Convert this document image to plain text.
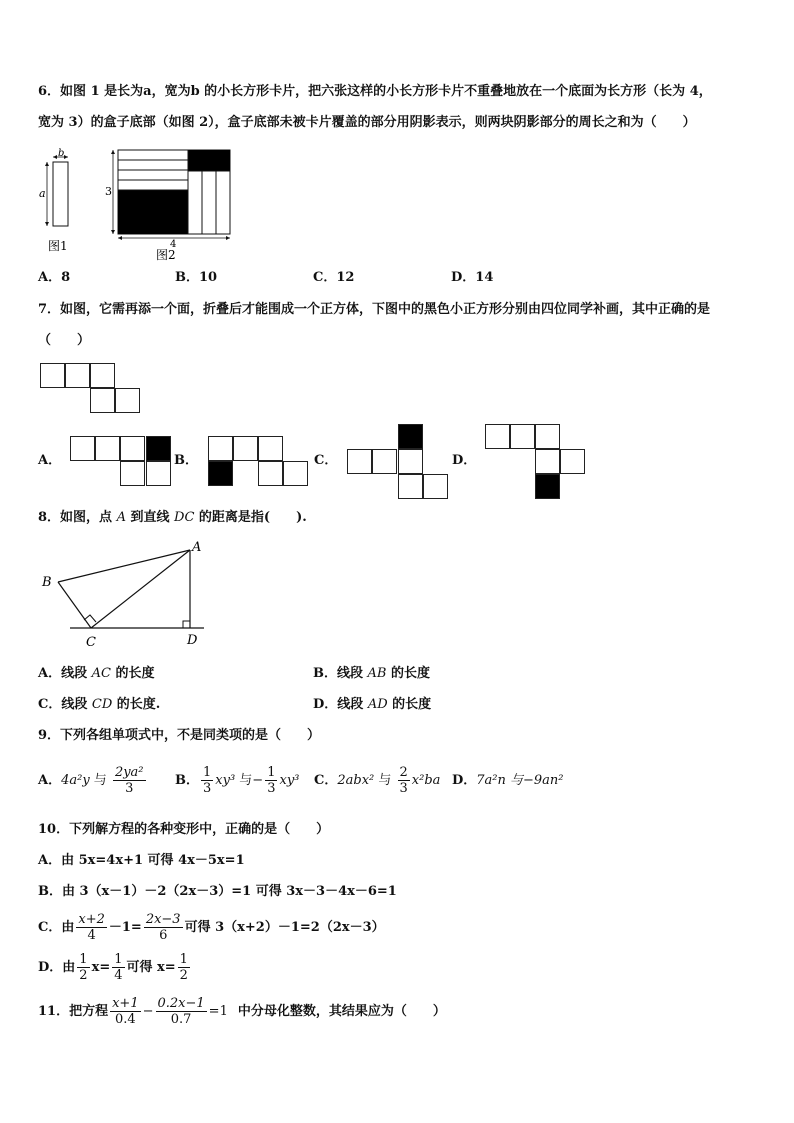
6．如图 1 是长为a，宽为b 的小长方形卡片，把六张这样的小长方形卡片不重叠地放在一个底面为长方形（长为 4，
宽为 3）的盒子底部（如图 2），盒子底部未被卡片覆盖的部分用阴影表示，则两块阴影部分的周长之和为（　　）
b
a
图1
3
4
图2
A．8	B．10	C．12	D．14
7．如图，它需再添一个面，折叠后才能围成一个正方体，下图中的黑色小正方形分别由四位同学补画，其中正确的是
（　　）
A．	B．	C．	D．
8．如图，点 A 到直线 DC 的距离是指(　　).
A
B
C	D
A．线段 AC 的长度	B．线段 AB 的长度
C．线段 CD 的长度.	D．线段 AD 的长度
9．下列各组单项式中，不是同类项的是（　　）
A．4a²y 与 $\frac{\text{2ya²}}{3}$ B． $\frac{1}{3} xy^3$ 与− $\frac{1}{3} xy^3$ C．2abx² 与 $\frac{2}{3} x^2ba$ D．7a²n 与−9an²
10．下列解方程的各种变形中，正确的是（　　）
A．由 5x=4x+1 可得 4x－5x=1
B．由 3（x－1）－2（2x－3）=1 可得 3x－3－4x－6=1
C．由 $\frac{x+2}{4} -1= \frac{2x-3}{6}$ 可得 3（x+2）－1=2（2x－3）
D．由 $\frac{1}{2} x= \frac{1}{4}$ 可得 $x= \frac{1}{2}$
11．把方程 $\frac{x+1}{0.4} - \frac{0.2x-1}{0.7} =1$ 中分母化整数，其结果应为（　　）
